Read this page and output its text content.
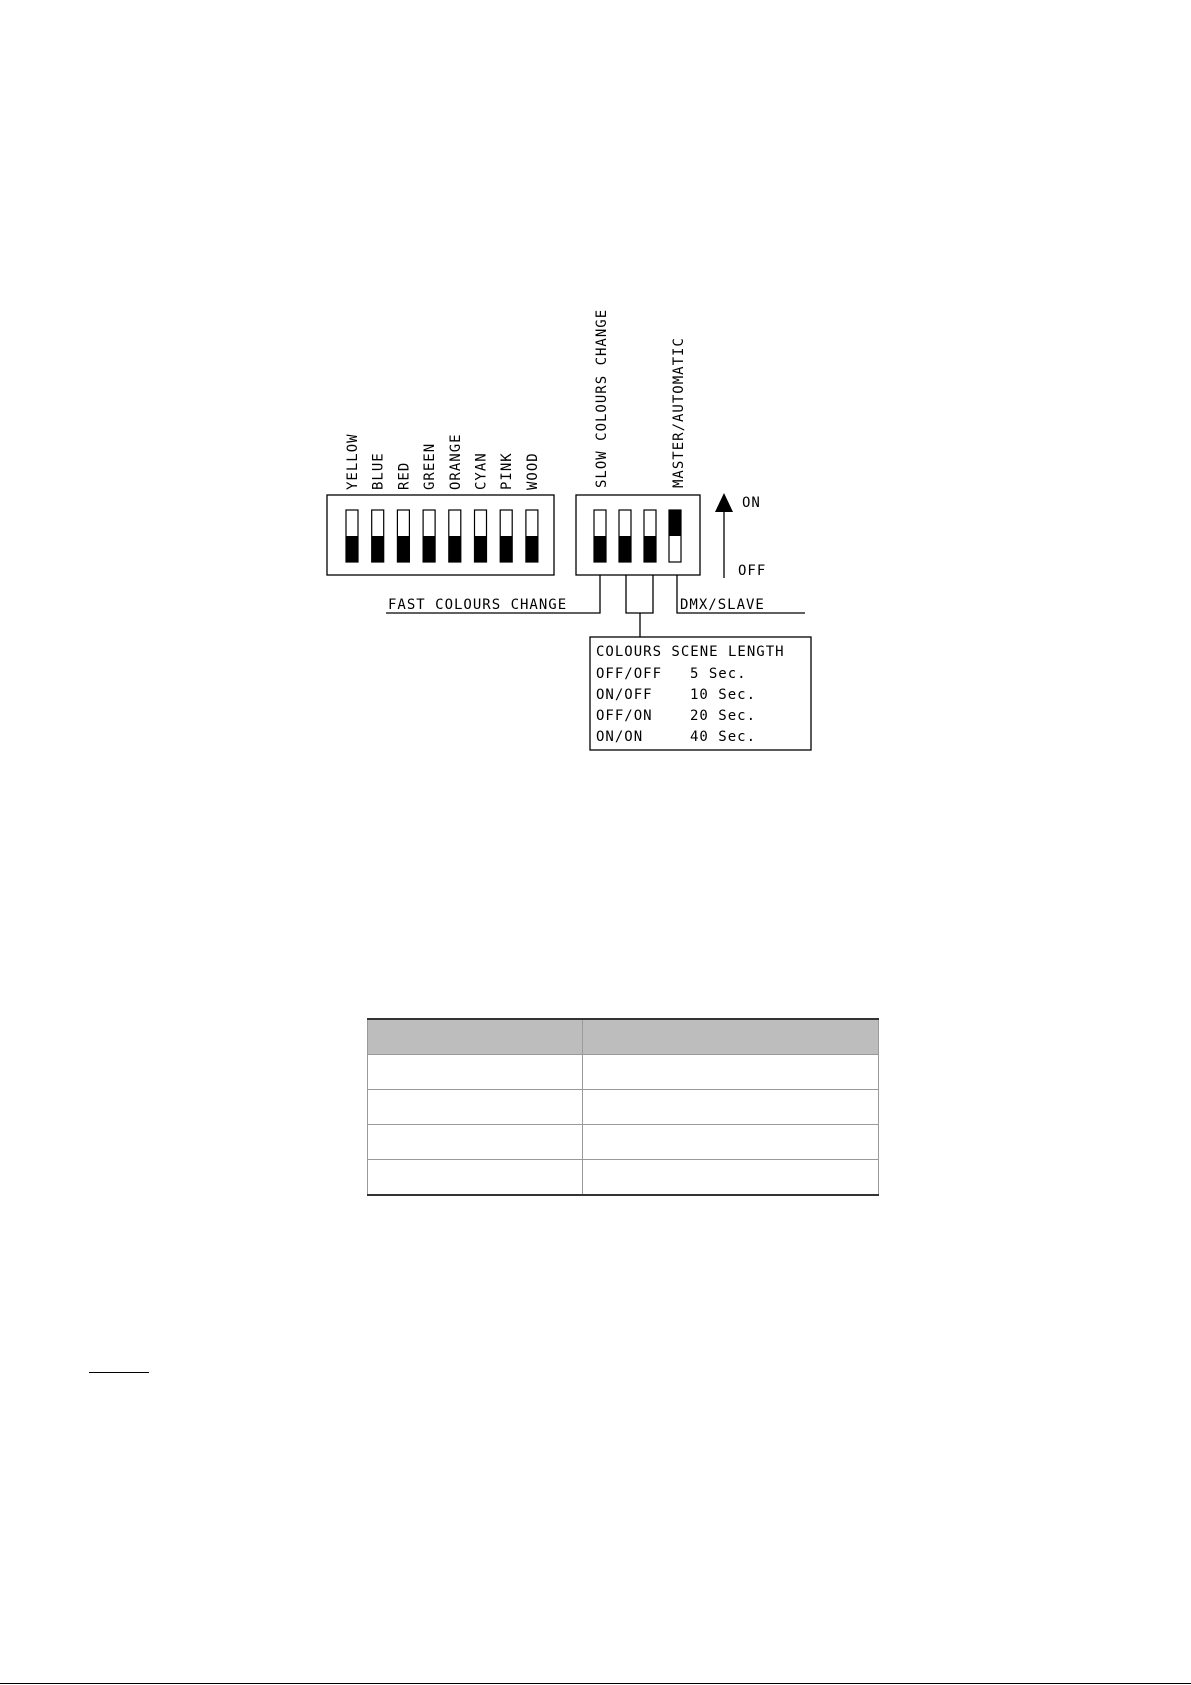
YELLOW BLUE RED GREEN ORANGE CYAN PINK WOOD	SLOW COLOURS CHANGE	MASTER/AUTOMATIC
ON
OFF
FAST COLOURS CHANGE	DMX/SLAVE
COLOURS SCENE LENGTH
OFF/OFF 5 Sec.
ON/OFF	10 Sec.
OFF/ON	20 Sec.
ON/ON	40 Sec.
